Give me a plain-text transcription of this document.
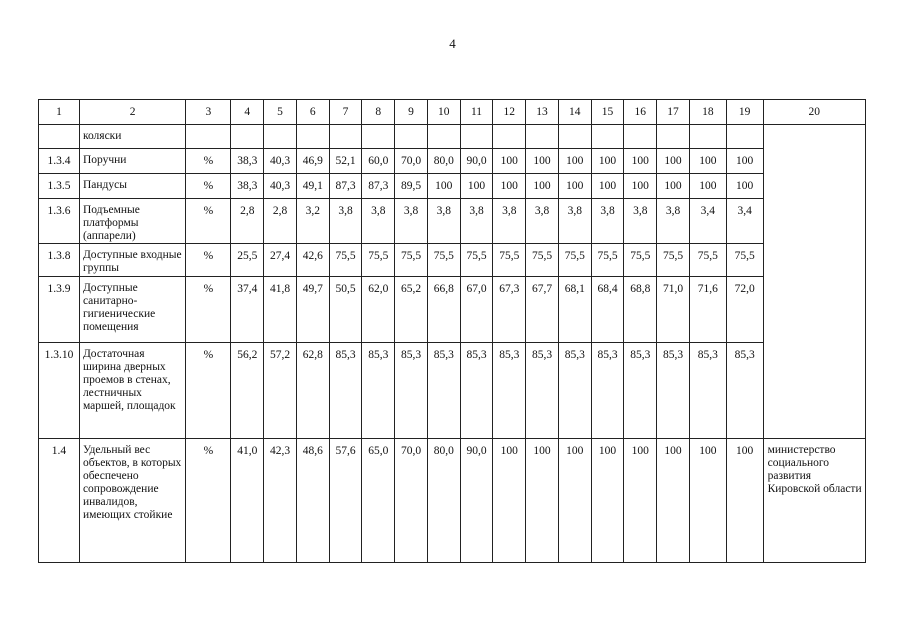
4
1	2	3	4	5	6	7	8	9	10	11	12	13	14	15	16	17	18	19	20
	коляски																		
1.3.4	Поручни	%	38,3	40,3	46,9	52,1	60,0	70,0	80,0	90,0	100	100	100	100	100	100	100	100	
1.3.5	Пандусы	%	38,3	40,3	49,1	87,3	87,3	89,5	100	100	100	100	100	100	100	100	100	100	
1.3.6	Подъемные платформы (аппарели)	%	2,8	2,8	3,2	3,8	3,8	3,8	3,8	3,8	3,8	3,8	3,8	3,8	3,8	3,8	3,4	3,4	
1.3.8	Доступные входные группы	%	25,5	27,4	42,6	75,5	75,5	75,5	75,5	75,5	75,5	75,5	75,5	75,5	75,5	75,5	75,5	75,5	
1.3.9	Доступные санитарно-гигиенические помещения	%	37,4	41,8	49,7	50,5	62,0	65,2	66,8	67,0	67,3	67,7	68,1	68,4	68,8	71,0	71,6	72,0	
1.3.10	Достаточная ширина дверных проемов в стенах, лестничных маршей, площадок	%	56,2	57,2	62,8	85,3	85,3	85,3	85,3	85,3	85,3	85,3	85,3	85,3	85,3	85,3	85,3	85,3	
1.4	Удельный вес объектов, в которых обеспечено сопровождение инвалидов, имеющих стойкие	%	41,0	42,3	48,6	57,6	65,0	70,0	80,0	90,0	100	100	100	100	100	100	100	100	министерство социального развития Кировской области
